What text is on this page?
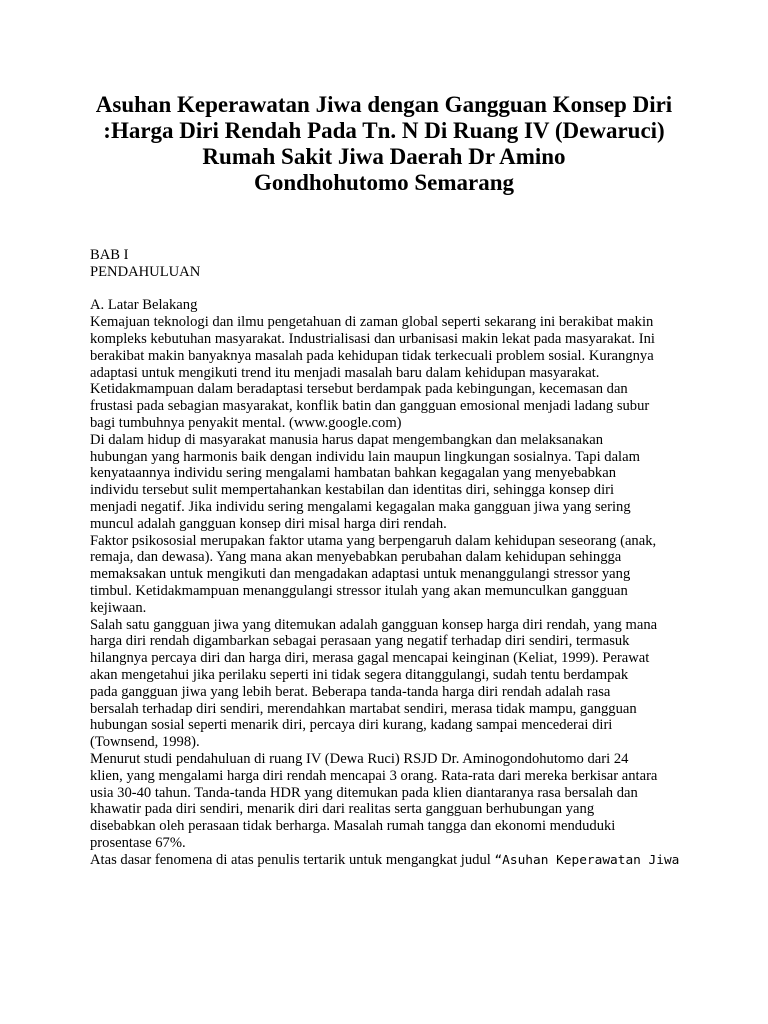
Asuhan Keperawatan Jiwa dengan Gangguan Konsep Diri
:Harga Diri Rendah Pada Tn. N Di Ruang IV (Dewaruci)
Rumah Sakit Jiwa Daerah Dr Amino
Gondhohutomo Semarang
BAB I
PENDAHULUAN
A. Latar Belakang
Kemajuan teknologi dan ilmu pengetahuan di zaman global seperti sekarang ini berakibat makin
kompleks kebutuhan masyarakat. Industrialisasi dan urbanisasi makin lekat pada masyarakat. Ini
berakibat makin banyaknya masalah pada kehidupan tidak terkecuali problem sosial. Kurangnya
adaptasi untuk mengikuti trend itu menjadi masalah baru dalam kehidupan masyarakat.
Ketidakmampuan dalam beradaptasi tersebut berdampak pada kebingungan, kecemasan dan
frustasi pada sebagian masyarakat, konflik batin dan gangguan emosional menjadi ladang subur
bagi tumbuhnya penyakit mental. (www.google.com)
Di dalam hidup di masyarakat manusia harus dapat mengembangkan dan melaksanakan
hubungan yang harmonis baik dengan individu lain maupun lingkungan sosialnya. Tapi dalam
kenyataannya individu sering mengalami hambatan bahkan kegagalan yang menyebabkan
individu tersebut sulit mempertahankan kestabilan dan identitas diri, sehingga konsep diri
menjadi negatif. Jika individu sering mengalami kegagalan maka gangguan jiwa yang sering
muncul adalah gangguan konsep diri misal harga diri rendah.
Faktor psikososial merupakan faktor utama yang berpengaruh dalam kehidupan seseorang (anak,
remaja, dan dewasa). Yang mana akan menyebabkan perubahan dalam kehidupan sehingga
memaksakan untuk mengikuti dan mengadakan adaptasi untuk menanggulangi stressor yang
timbul. Ketidakmampuan menanggulangi stressor itulah yang akan memunculkan gangguan
kejiwaan.
Salah satu gangguan jiwa yang ditemukan adalah gangguan konsep harga diri rendah, yang mana
harga diri rendah digambarkan sebagai perasaan yang negatif terhadap diri sendiri, termasuk
hilangnya percaya diri dan harga diri, merasa gagal mencapai keinginan (Keliat, 1999). Perawat
akan mengetahui jika perilaku seperti ini tidak segera ditanggulangi, sudah tentu berdampak
pada gangguan jiwa yang lebih berat. Beberapa tanda-tanda harga diri rendah adalah rasa
bersalah terhadap diri sendiri, merendahkan martabat sendiri, merasa tidak mampu, gangguan
hubungan sosial seperti menarik diri, percaya diri kurang, kadang sampai mencederai diri
(Townsend, 1998).
Menurut studi pendahuluan di ruang IV (Dewa Ruci) RSJD Dr. Aminogondohutomo dari 24
klien, yang mengalami harga diri rendah mencapai 3 orang. Rata-rata dari mereka berkisar antara
usia 30-40 tahun. Tanda-tanda HDR yang ditemukan pada klien diantaranya rasa bersalah dan
khawatir pada diri sendiri, menarik diri dari realitas serta gangguan berhubungan yang
disebabkan oleh perasaan tidak berharga. Masalah rumah tangga dan ekonomi menduduki
prosentase 67%.
Atas dasar fenomena di atas penulis tertarik untuk mengangkat judul “Asuhan Keperawatan Jiwa
